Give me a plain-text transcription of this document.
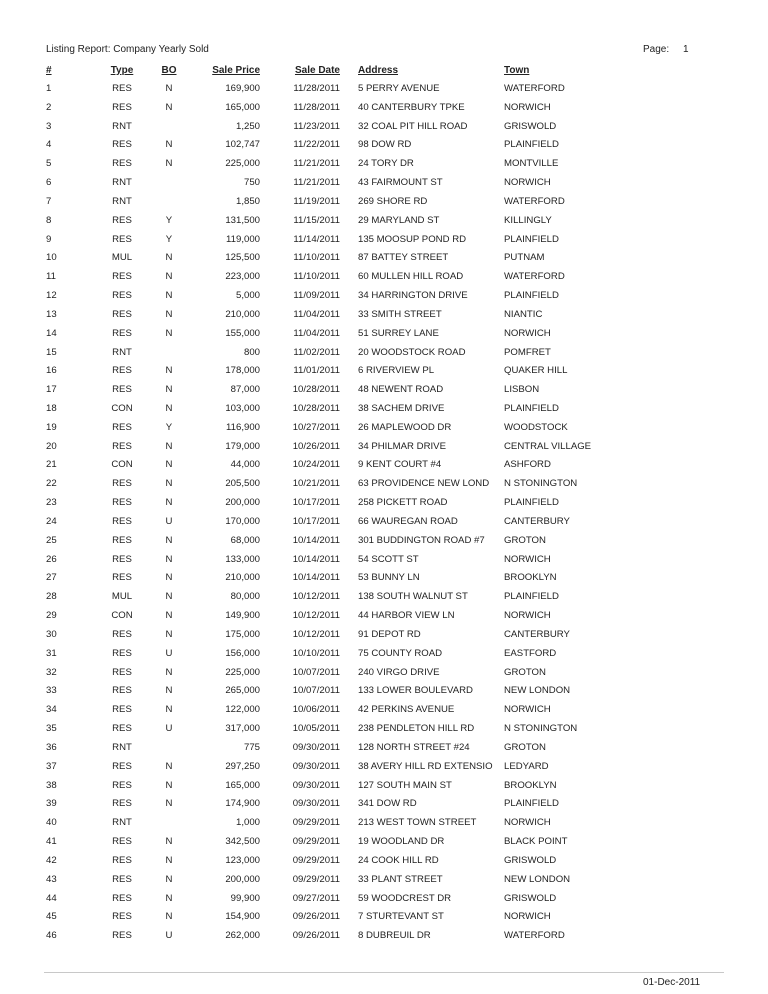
Listing Report: Company Yearly Sold	Page: 1
#	Type	BO	Sale Price	Sale Date	Address	Town
1	RES	N	169,900	11/28/2011	5 PERRY AVENUE	WATERFORD
2	RES	N	165,000	11/28/2011	40 CANTERBURY TPKE	NORWICH
3	RNT		1,250	11/23/2011	32 COAL PIT HILL ROAD	GRISWOLD
4	RES	N	102,747	11/22/2011	98 DOW RD	PLAINFIELD
5	RES	N	225,000	11/21/2011	24 TORY DR	MONTVILLE
6	RNT		750	11/21/2011	43 FAIRMOUNT ST	NORWICH
7	RNT		1,850	11/19/2011	269 SHORE RD	WATERFORD
8	RES	Y	131,500	11/15/2011	29 MARYLAND ST	KILLINGLY
9	RES	Y	119,000	11/14/2011	135 MOOSUP POND RD	PLAINFIELD
10	MUL	N	125,500	11/10/2011	87 BATTEY STREET	PUTNAM
11	RES	N	223,000	11/10/2011	60 MULLEN HILL ROAD	WATERFORD
12	RES	N	5,000	11/09/2011	34 HARRINGTON DRIVE	PLAINFIELD
13	RES	N	210,000	11/04/2011	33 SMITH STREET	NIANTIC
14	RES	N	155,000	11/04/2011	51 SURREY LANE	NORWICH
15	RNT		800	11/02/2011	20 WOODSTOCK ROAD	POMFRET
16	RES	N	178,000	11/01/2011	6 RIVERVIEW PL	QUAKER HILL
17	RES	N	87,000	10/28/2011	48 NEWENT ROAD	LISBON
18	CON	N	103,000	10/28/2011	38 SACHEM DRIVE	PLAINFIELD
19	RES	Y	116,900	10/27/2011	26 MAPLEWOOD DR	WOODSTOCK
20	RES	N	179,000	10/26/2011	34 PHILMAR DRIVE	CENTRAL VILLAGE
21	CON	N	44,000	10/24/2011	9 KENT COURT #4	ASHFORD
22	RES	N	205,500	10/21/2011	63 PROVIDENCE NEW LOND	N STONINGTON
23	RES	N	200,000	10/17/2011	258 PICKETT ROAD	PLAINFIELD
24	RES	U	170,000	10/17/2011	66 WAUREGAN ROAD	CANTERBURY
25	RES	N	68,000	10/14/2011	301 BUDDINGTON ROAD #7	GROTON
26	RES	N	133,000	10/14/2011	54 SCOTT ST	NORWICH
27	RES	N	210,000	10/14/2011	53 BUNNY LN	BROOKLYN
28	MUL	N	80,000	10/12/2011	138 SOUTH WALNUT ST	PLAINFIELD
29	CON	N	149,900	10/12/2011	44 HARBOR VIEW LN	NORWICH
30	RES	N	175,000	10/12/2011	91 DEPOT RD	CANTERBURY
31	RES	U	156,000	10/10/2011	75 COUNTY ROAD	EASTFORD
32	RES	N	225,000	10/07/2011	240 VIRGO DRIVE	GROTON
33	RES	N	265,000	10/07/2011	133 LOWER BOULEVARD	NEW LONDON
34	RES	N	122,000	10/06/2011	42 PERKINS AVENUE	NORWICH
35	RES	U	317,000	10/05/2011	238 PENDLETON HILL RD	N STONINGTON
36	RNT		775	09/30/2011	128 NORTH STREET #24	GROTON
37	RES	N	297,250	09/30/2011	38 AVERY HILL RD EXTENSIO	LEDYARD
38	RES	N	165,000	09/30/2011	127 SOUTH MAIN ST	BROOKLYN
39	RES	N	174,900	09/30/2011	341 DOW RD	PLAINFIELD
40	RNT		1,000	09/29/2011	213 WEST TOWN STREET	NORWICH
41	RES	N	342,500	09/29/2011	19 WOODLAND DR	BLACK POINT
42	RES	N	123,000	09/29/2011	24 COOK HILL RD	GRISWOLD
43	RES	N	200,000	09/29/2011	33 PLANT STREET	NEW LONDON
44	RES	N	99,900	09/27/2011	59 WOODCREST DR	GRISWOLD
45	RES	N	154,900	09/26/2011	7 STURTEVANT ST	NORWICH
46	RES	U	262,000	09/26/2011	8 DUBREUIL DR	WATERFORD
01-Dec-2011
